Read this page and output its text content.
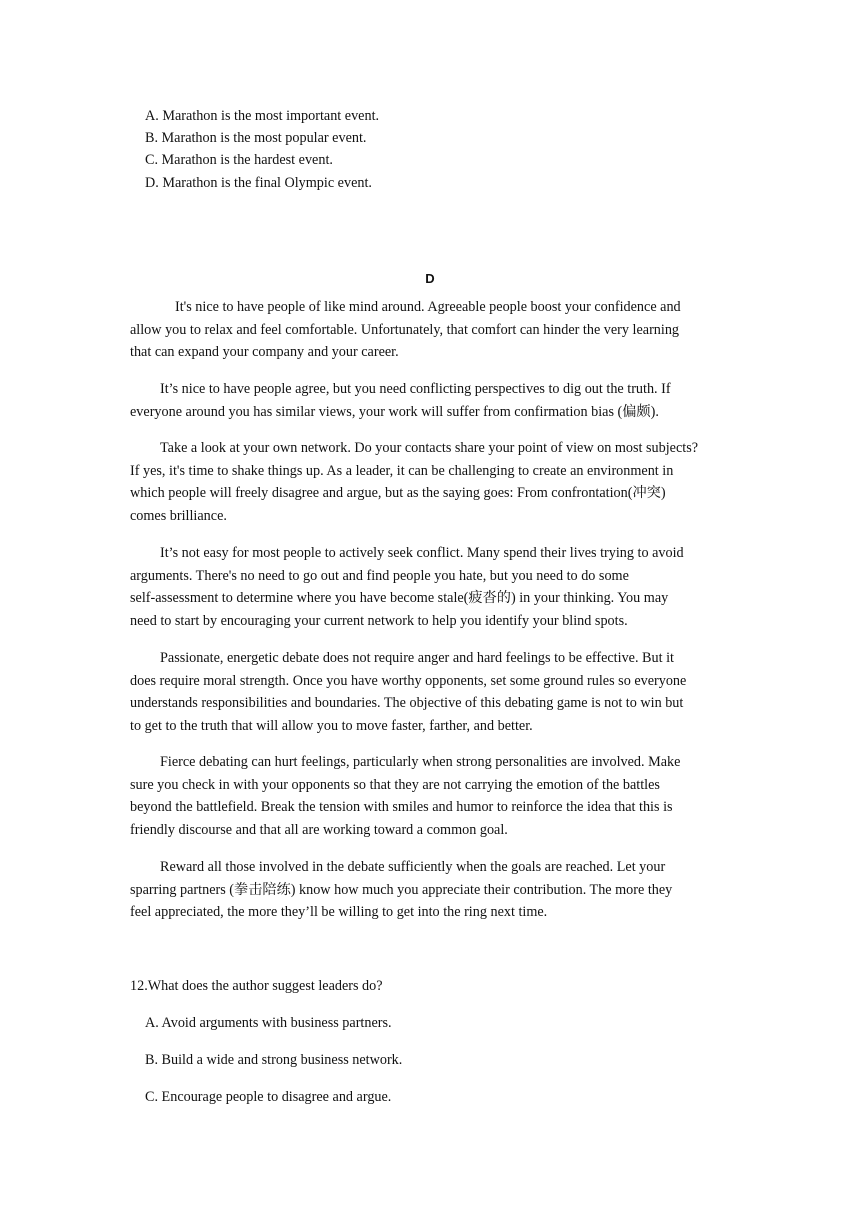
A. Marathon is the most important event.
B. Marathon is the most popular event.
C. Marathon is the hardest event.
D. Marathon is the final Olympic event.
D
It's nice to have people of like mind around. Agreeable people boost your confidence and
allow you to relax and feel comfortable. Unfortunately, that comfort can hinder the very learning
that can expand your company and your career.
It’s nice to have people agree, but you need conflicting perspectives to dig out the truth. If
everyone around you has similar views, your work will suffer from confirmation bias (偏颇).
Take a look at your own network. Do your contacts share your point of view on most subjects?
If yes, it's time to shake things up. As a leader, it can be challenging to create an environment in
which people will freely disagree and argue, but as the saying goes: From confrontation(冲突)
comes brilliance.
It’s not easy for most people to actively seek conflict. Many spend their lives trying to avoid
arguments. There's no need to go out and find people you hate, but you need to do some
self-assessment to determine where you have become stale(疲沓的) in your thinking. You may
need to start by encouraging your current network to help you identify your blind spots.
Passionate, energetic debate does not require anger and hard feelings to be effective. But it
does require moral strength. Once you have worthy opponents, set some ground rules so everyone
understands responsibilities and boundaries. The objective of this debating game is not to win but
to get to the truth that will allow you to move faster, farther, and better.
Fierce debating can hurt feelings, particularly when strong personalities are involved. Make
sure you check in with your opponents so that they are not carrying the emotion of the battles
beyond the battlefield. Break the tension with smiles and humor to reinforce the idea that this is
friendly discourse and that all are working toward a common goal.
Reward all those involved in the debate sufficiently when the goals are reached. Let your
sparring partners (拳击陪练) know how much you appreciate their contribution. The more they
feel appreciated, the more they’ll be willing to get into the ring next time.
12.What does the author suggest leaders do?
A. Avoid arguments with business partners.
B. Build a wide and strong business network.
C. Encourage people to disagree and argue.
